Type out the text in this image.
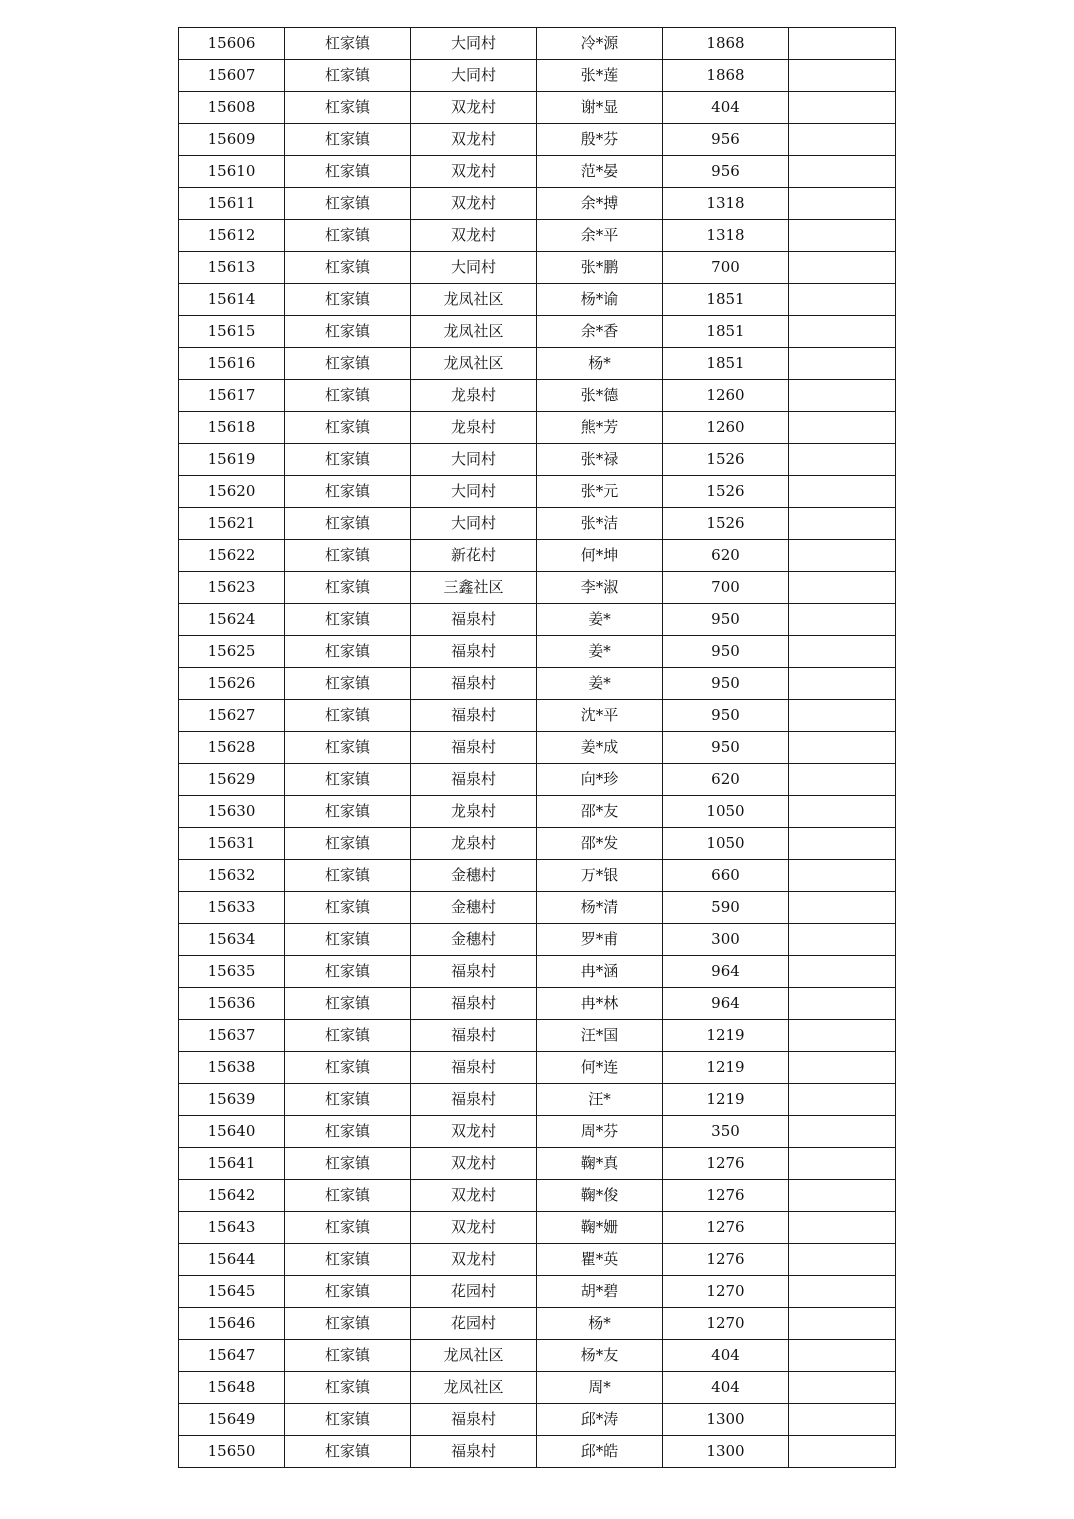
15606	杠家镇	大同村	冷*源	1868	
15607	杠家镇	大同村	张*莲	1868	
15608	杠家镇	双龙村	谢*显	404	
15609	杠家镇	双龙村	殷*芬	956	
15610	杠家镇	双龙村	范*晏	956	
15611	杠家镇	双龙村	余*搏	1318	
15612	杠家镇	双龙村	余*平	1318	
15613	杠家镇	大同村	张*鹏	700	
15614	杠家镇	龙凤社区	杨*谕	1851	
15615	杠家镇	龙凤社区	余*香	1851	
15616	杠家镇	龙凤社区	杨*	1851	
15617	杠家镇	龙泉村	张*德	1260	
15618	杠家镇	龙泉村	熊*芳	1260	
15619	杠家镇	大同村	张*禄	1526	
15620	杠家镇	大同村	张*元	1526	
15621	杠家镇	大同村	张*洁	1526	
15622	杠家镇	新花村	何*坤	620	
15623	杠家镇	三鑫社区	李*淑	700	
15624	杠家镇	福泉村	姜*	950	
15625	杠家镇	福泉村	姜*	950	
15626	杠家镇	福泉村	姜*	950	
15627	杠家镇	福泉村	沈*平	950	
15628	杠家镇	福泉村	姜*成	950	
15629	杠家镇	福泉村	向*珍	620	
15630	杠家镇	龙泉村	邵*友	1050	
15631	杠家镇	龙泉村	邵*发	1050	
15632	杠家镇	金穗村	万*银	660	
15633	杠家镇	金穗村	杨*清	590	
15634	杠家镇	金穗村	罗*甫	300	
15635	杠家镇	福泉村	冉*涵	964	
15636	杠家镇	福泉村	冉*林	964	
15637	杠家镇	福泉村	汪*国	1219	
15638	杠家镇	福泉村	何*连	1219	
15639	杠家镇	福泉村	汪*	1219	
15640	杠家镇	双龙村	周*芬	350	
15641	杠家镇	双龙村	鞠*真	1276	
15642	杠家镇	双龙村	鞠*俊	1276	
15643	杠家镇	双龙村	鞠*姗	1276	
15644	杠家镇	双龙村	瞿*英	1276	
15645	杠家镇	花园村	胡*碧	1270	
15646	杠家镇	花园村	杨*	1270	
15647	杠家镇	龙凤社区	杨*友	404	
15648	杠家镇	龙凤社区	周*	404	
15649	杠家镇	福泉村	邱*涛	1300	
15650	杠家镇	福泉村	邱*皓	1300	
